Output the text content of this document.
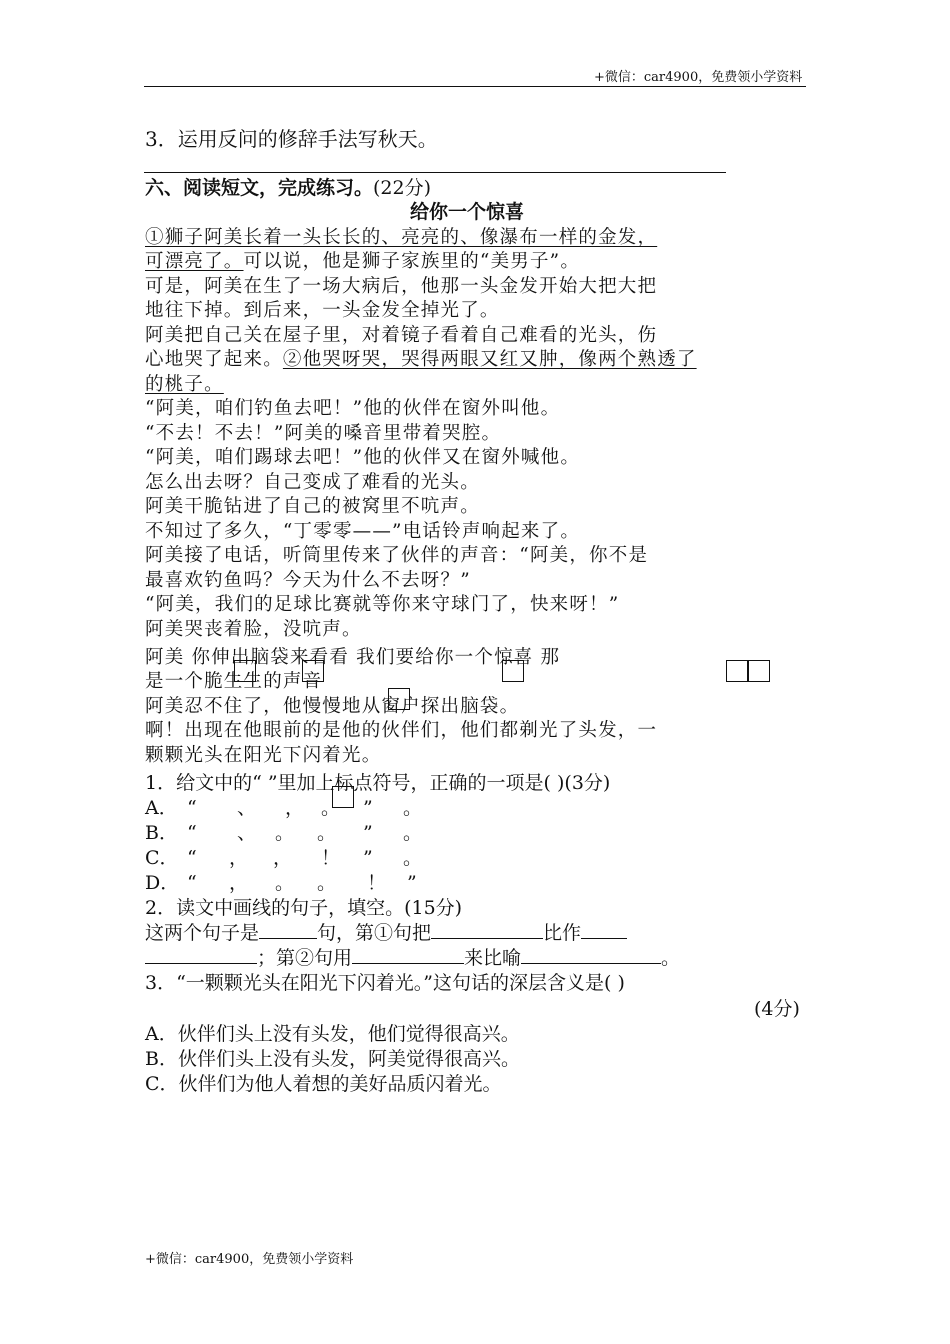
+微信：car4900，免费领小学资料
3．运用反问的修辞手法写秋天。
六、阅读短文，完成练习。(22分)
给你一个惊喜
①狮子阿美长着一头长长的、亮亮的、像瀑布一样的金发，
可漂亮了。可以说，他是狮子家族里的“美男子”。
可是，阿美在生了一场大病后，他那一头金发开始大把大把
地往下掉。到后来，一头金发全掉光了。
阿美把自己关在屋子里，对着镜子看着自己难看的光头，伤
心地哭了起来。②他哭呀哭，哭得两眼又红又肿，像两个熟透了
的桃子。
“阿美，咱们钓鱼去吧！”他的伙伴在窗外叫他。
“不去！不去！”阿美的嗓音里带着哭腔。
“阿美，咱们踢球去吧！”他的伙伴又在窗外喊他。
怎么出去呀？自己变成了难看的光头。
阿美干脆钻进了自己的被窝里不吭声。
不知过了多久，“丁零零——”电话铃声响起来了。
阿美接了电话，听筒里传来了伙伴的声音：“阿美，你不是
最喜欢钓鱼吗？今天为什么不去呀？”
“阿美，我们的足球比赛就等你来守球门了，快来呀！”
阿美哭丧着脸，没吭声。
阿美 你伸出脑袋来看看 我们要给你一个惊喜 那
是一个脆生生的声音
阿美忍不住了，他慢慢地从窗户探出脑袋。
啊！出现在他眼前的是他的伙伴们，他们都剃光了头发，一
颗颗光头在阳光下闪着光。
1．给文中的“ ”里加上标点符号，正确的一项是( )(3分)
A． “ 、 ， 。 ” 。
B． “ 、 。 。 ” 。
C． “ ， ， ！ ” 。
D． “ ， 。 。 ！ ”
2．读文中画线的句子，填空。(15分)
这两个句子是	句，第①句把	比作
；第②句用	来比喻	。
3．“一颗颗光头在阳光下闪着光。”这句话的深层含义是( )
(4分)
A．伙伴们头上没有头发，他们觉得很高兴。
B．伙伴们头上没有头发，阿美觉得很高兴。
C．伙伴们为他人着想的美好品质闪着光。
+微信：car4900，免费领小学资料
